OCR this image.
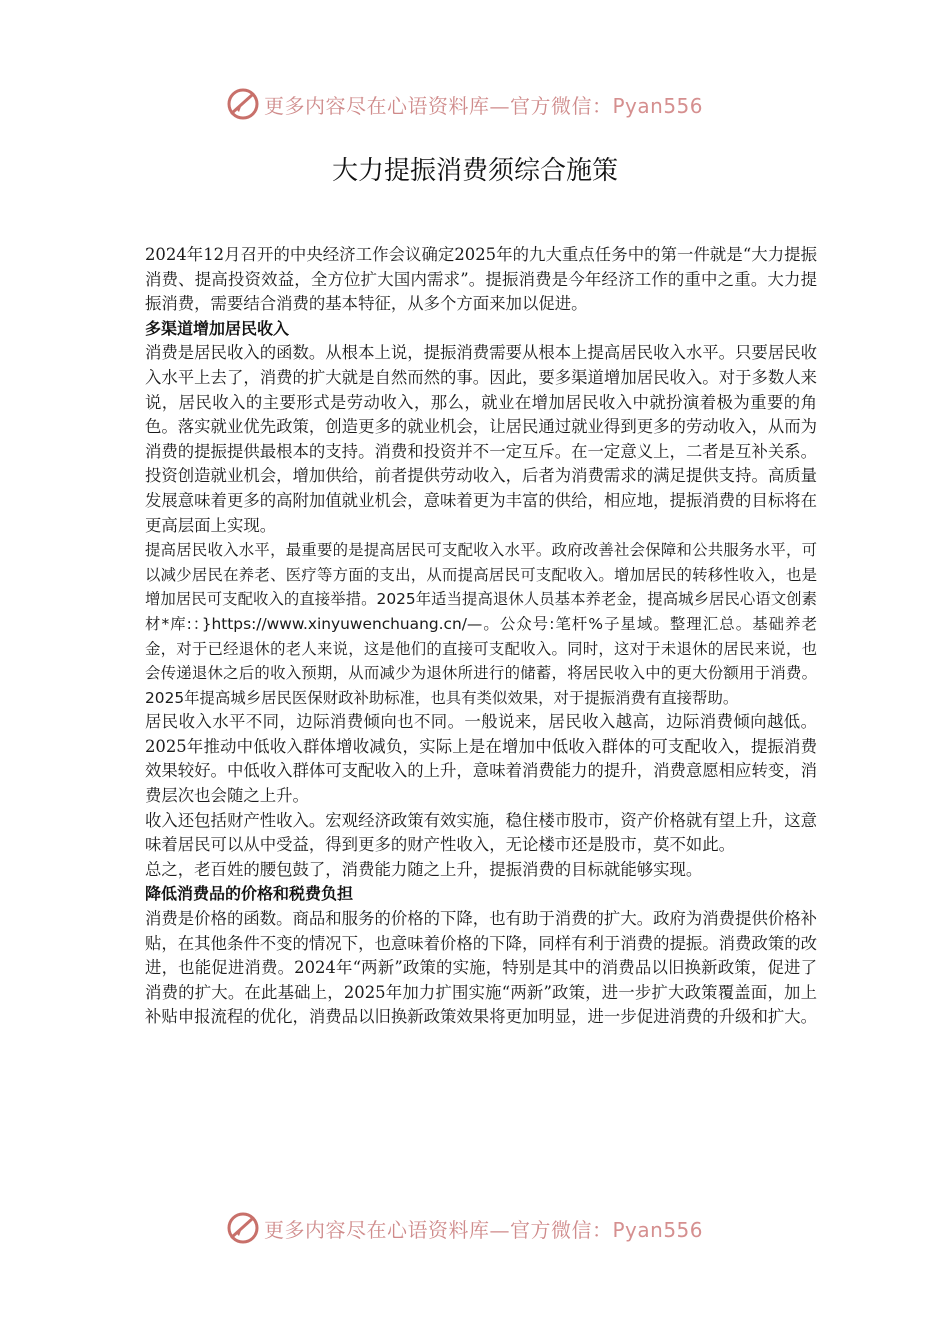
更多内容尽在心语资料库—官方微信：Pyan556
大力提振消费须综合施策

2024年12月召开的中央经济工作会议确定2025年的九大重点任务中的第一件就是“大力提振消费、提高投资效益，全方位扩大国内需求”。提振消费是今年经济工作的重中之重。大力提振消费，需要结合消费的基本特征，从多个方面来加以促进。

多渠道增加居民收入

消费是居民收入的函数。从根本上说，提振消费需要从根本上提高居民收入水平。只要居民收入水平上去了，消费的扩大就是自然而然的事。因此，要多渠道增加居民收入。对于多数人来说，居民收入的主要形式是劳动收入，那么，就业在增加居民收入中就扮演着极为重要的角色。落实就业优先政策，创造更多的就业机会，让居民通过就业得到更多的劳动收入，从而为消费的提振提供最根本的支持。消费和投资并不一定互斥。在一定意义上，二者是互补关系。投资创造就业机会，增加供给，前者提供劳动收入，后者为消费需求的满足提供支持。高质量发展意味着更多的高附加值就业机会，意味着更为丰富的供给，相应地，提振消费的目标将在更高层面上实现。

提高居民收入水平，最重要的是提高居民可支配收入水平。政府改善社会保障和公共服务水平，可以减少居民在养老、医疗等方面的支出，从而提高居民可支配收入。增加居民的转移性收入，也是增加居民可支配收入的直接举措。2025年适当提高退休人员基本养老金，提高城乡居民心语文创素材*库:：}https://www.xinyuwenchuang.cn/—。公众号:笔杆%子星域。整理汇总。基础养老金，对于已经退休的老人来说，这是他们的直接可支配收入。同时，这对于未退休的居民来说，也会传递退休之后的收入预期，从而减少为退休所进行的储蓄，将居民收入中的更大份额用于消费。2025年提高城乡居民医保财政补助标准，也具有类似效果，对于提振消费有直接帮助。

居民收入水平不同，边际消费倾向也不同。一般说来，居民收入越高，边际消费倾向越低。2025年推动中低收入群体增收减负，实际上是在增加中低收入群体的可支配收入，提振消费效果较好。中低收入群体可支配收入的上升，意味着消费能力的提升，消费意愿相应转变，消费层次也会随之上升。

收入还包括财产性收入。宏观经济政策有效实施，稳住楼市股市，资产价格就有望上升，这意味着居民可以从中受益，得到更多的财产性收入，无论楼市还是股市，莫不如此。

总之，老百姓的腰包鼓了，消费能力随之上升，提振消费的目标就能够实现。

降低消费品的价格和税费负担

消费是价格的函数。商品和服务的价格的下降，也有助于消费的扩大。政府为消费提供价格补贴，在其他条件不变的情况下，也意味着价格的下降，同样有利于消费的提振。消费政策的改进，也能促进消费。2024年“两新”政策的实施，特别是其中的消费品以旧换新政策，促进了消费的扩大。在此基础上，2025年加力扩围实施“两新”政策，进一步扩大政策覆盖面，加上补贴申报流程的优化，消费品以旧换新政策效果将更加明显，进一步促进消费的升级和扩大。

更多内容尽在心语资料库—官方微信：Pyan556
